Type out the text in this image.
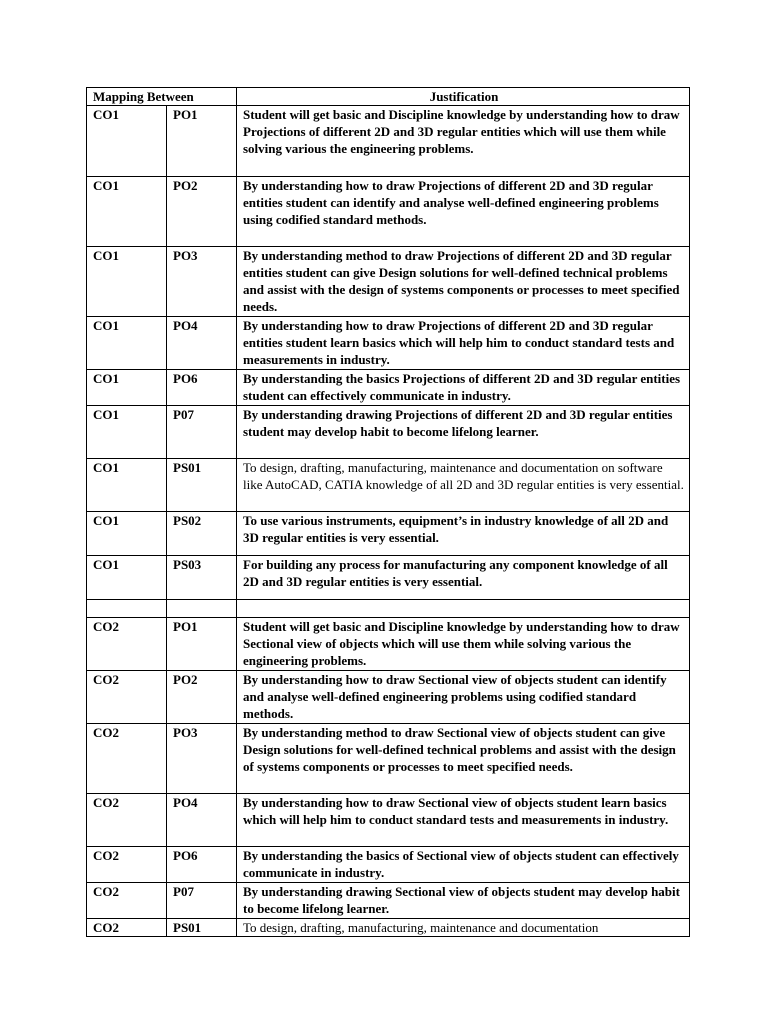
Mapping Between		Justification
CO1	PO1	Student will get basic and Discipline knowledge by understanding how to draw Projections of different 2D and 3D regular entities which will use them while solving various the engineering problems.
CO1	PO2	By understanding how to draw Projections of different 2D and 3D regular entities student can identify and analyse well-defined engineering problems using codified standard methods.
CO1	PO3	By understanding method to draw Projections of different 2D and 3D regular entities student can give Design solutions for well-defined technical problems and assist with the design of systems components or processes to meet specified needs.
CO1	PO4	By understanding how to draw Projections of different 2D and 3D regular entities student learn basics which will help him to conduct standard tests and measurements in industry.
CO1	PO6	By understanding the basics Projections of different 2D and 3D regular entities student can effectively communicate in industry.
CO1	P07	By understanding drawing Projections of different 2D and 3D regular entities student may develop habit to become lifelong learner.
CO1	PS01	To design, drafting, manufacturing, maintenance and documentation on software like AutoCAD, CATIA knowledge of all 2D and 3D regular entities is very essential.
CO1	PS02	To use various instruments, equipment’s in industry knowledge of all 2D and 3D regular entities is very essential.
CO1	PS03	For building any process for manufacturing any component knowledge of all 2D and 3D regular entities is very essential.

CO2	PO1	Student will get basic and Discipline knowledge by understanding how to draw Sectional view of objects which will use them while solving various the engineering problems.
CO2	PO2	By understanding how to draw Sectional view of objects student can identify and analyse well-defined engineering problems using codified standard methods.
CO2	PO3	By understanding method to draw Sectional view of objects student can give Design solutions for well-defined technical problems and assist with the design of systems components or processes to meet specified needs.
CO2	PO4	By understanding how to draw Sectional view of objects student learn basics which will help him to conduct standard tests and measurements in industry.
CO2	PO6	By understanding the basics of Sectional view of objects student can effectively communicate in industry.
CO2	P07	By understanding drawing Sectional view of objects student may develop habit to become lifelong learner.
CO2	PS01	To design, drafting, manufacturing, maintenance and documentation
